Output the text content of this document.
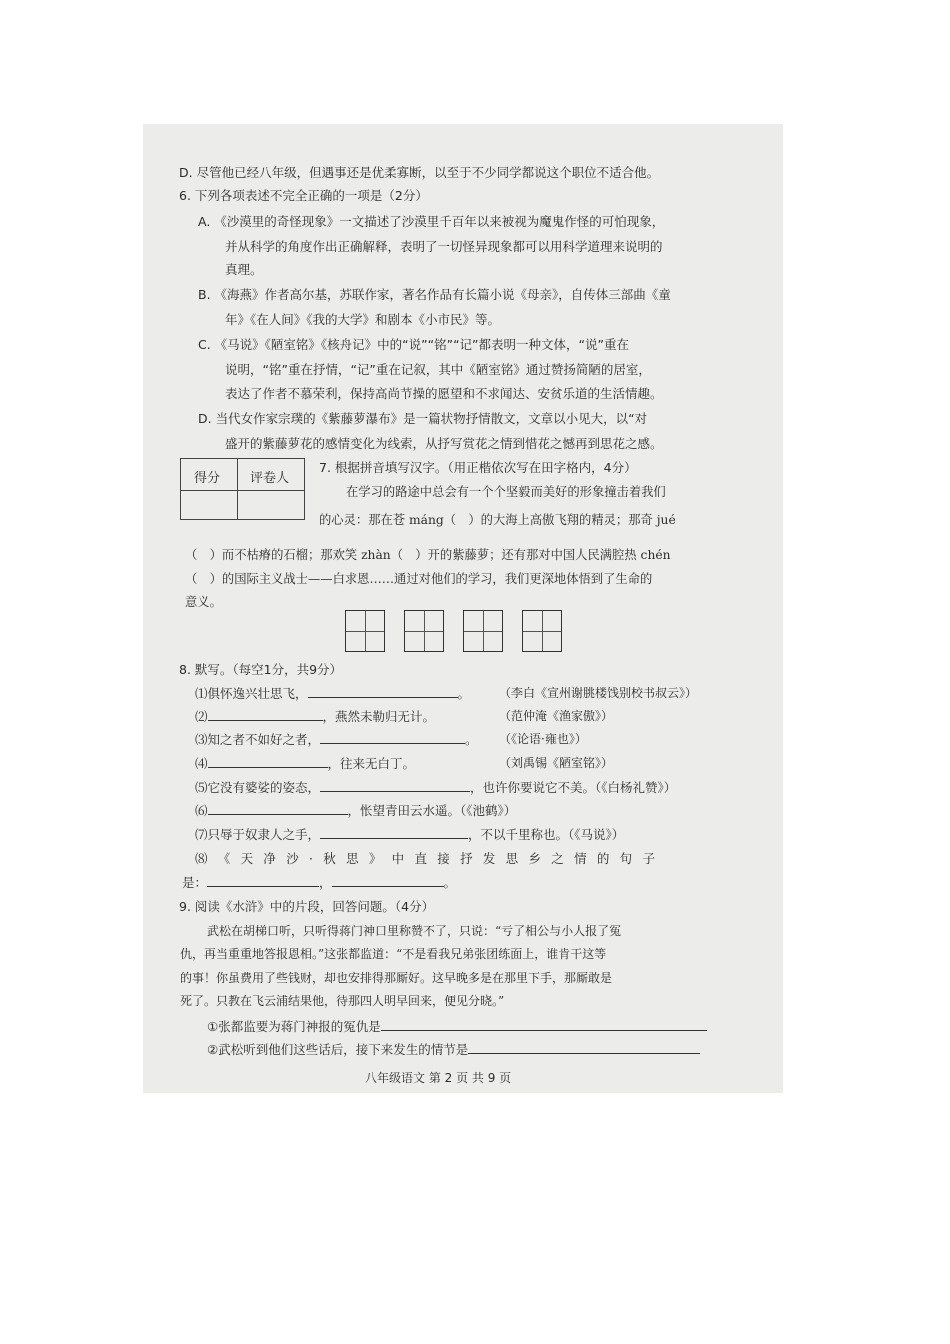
D. 尽管他已经八年级，但遇事还是优柔寡断，以至于不少同学都说这个职位不适合他。
6. 下列各项表述不完全正确的一项是（2分）
A. 《沙漠里的奇怪现象》一文描述了沙漠里千百年以来被视为魔鬼作怪的可怕现象，
并从科学的角度作出正确解释，表明了一切怪异现象都可以用科学道理来说明的
真理。
B. 《海燕》作者高尔基，苏联作家，著名作品有长篇小说《母亲》，自传体三部曲《童
年》《在人间》《我的大学》和剧本《小市民》等。
C. 《马说》《陋室铭》《核舟记》中的“说”“铭”“记”都表明一种文体，“说”重在
说明，“铭”重在抒情，“记”重在记叙，其中《陋室铭》通过赞扬简陋的居室，
表达了作者不慕荣利，保持高尚节操的愿望和不求闻达、安贫乐道的生活情趣。
D. 当代女作家宗璞的《紫藤萝瀑布》是一篇状物抒情散文，文章以小见大，以“对
盛开的紫藤萝花的感情变化为线索，从抒写赏花之情到惜花之憾再到思花之感。
得分 评卷人
7. 根据拼音填写汉字。（用正楷依次写在田字格内，4分）
在学习的路途中总会有一个个坚毅而美好的形象撞击着我们
的心灵：那在苍 máng（　）的大海上高傲飞翔的精灵；那奇 jué
（　）而不枯瘠的石榴；那欢笑 zhàn（　）开的紫藤萝；还有那对中国人民满腔热 chén
（　）的国际主义战士——白求恩……通过对他们的学习，我们更深地体悟到了生命的
意义。
8. 默写。（每空1分，共9分）
⑴俱怀逸兴壮思飞，	。 （李白《宣州谢朓楼饯别校书叔云》）
⑵	，燕然未勒归无计。	（范仲淹《渔家傲》）
⑶知之者不如好之者，	。 （《论语·雍也》）
⑷	，往来无白丁。	（刘禹锡《陋室铭》）
⑸它没有婆娑的姿态，	，也许你要说它不美。（《白杨礼赞》）
⑹	，怅望青田云水遥。（《池鹤》）
⑺只辱于奴隶人之手，	，不以千里称也。（《马说》）
⑻《天净沙·秋思》中直接抒发思乡之情的句子
是：	，	。
9. 阅读《水浒》中的片段，回答问题。（4分）
武松在胡梯口听，只听得蒋门神口里称赞不了，只说：“亏了相公与小人报了冤
仇，再当重重地答报恩相。”这张都监道：“不是看我兄弟张团练面上，谁肯干这等
的事！你虽费用了些钱财，却也安排得那厮好。这早晚多是在那里下手，那厮敢是
死了。只教在飞云浦结果他，待那四人明早回来，便见分晓。”
①张都监要为蒋门神报的冤仇是
②武松听到他们这些话后，接下来发生的情节是
八年级语文 第 2 页 共 9 页
